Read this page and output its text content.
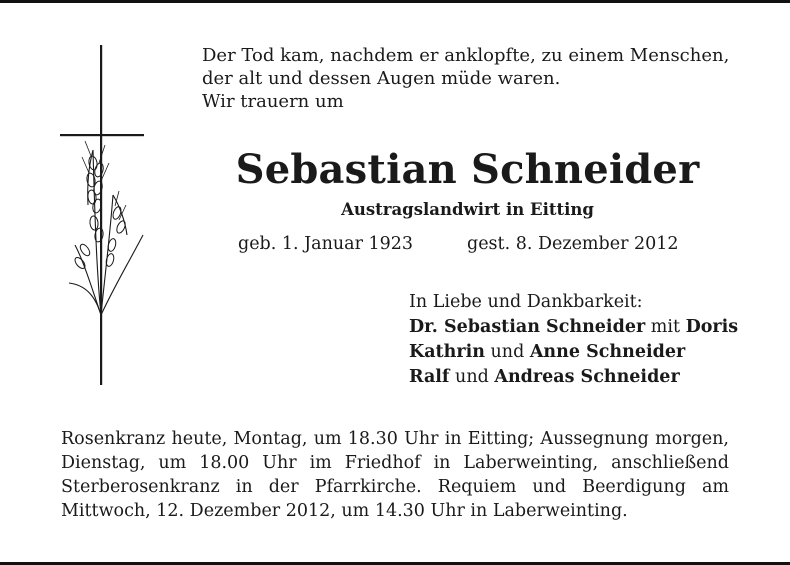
Der Tod kam, nachdem er anklopfte, zu einem Menschen,
der alt und dessen Augen müde waren.
Wir trauern um
Sebastian Schneider
Austragslandwirt in Eitting
geb. 1. Januar 1923	gest. 8. Dezember 2012
In Liebe und Dankbarkeit:
Dr. Sebastian Schneider mit Doris
Kathrin und Anne Schneider
Ralf und Andreas Schneider
Rosenkranz heute, Montag, um 18.30 Uhr in Eitting; Aussegnung morgen, Dienstag, um 18.00 Uhr im Friedhof in Laberweinting, anschließend Sterberosenkranz in der Pfarrkirche. Requiem und Beerdigung am Mittwoch, 12. Dezember 2012, um 14.30 Uhr in Laberweinting.
